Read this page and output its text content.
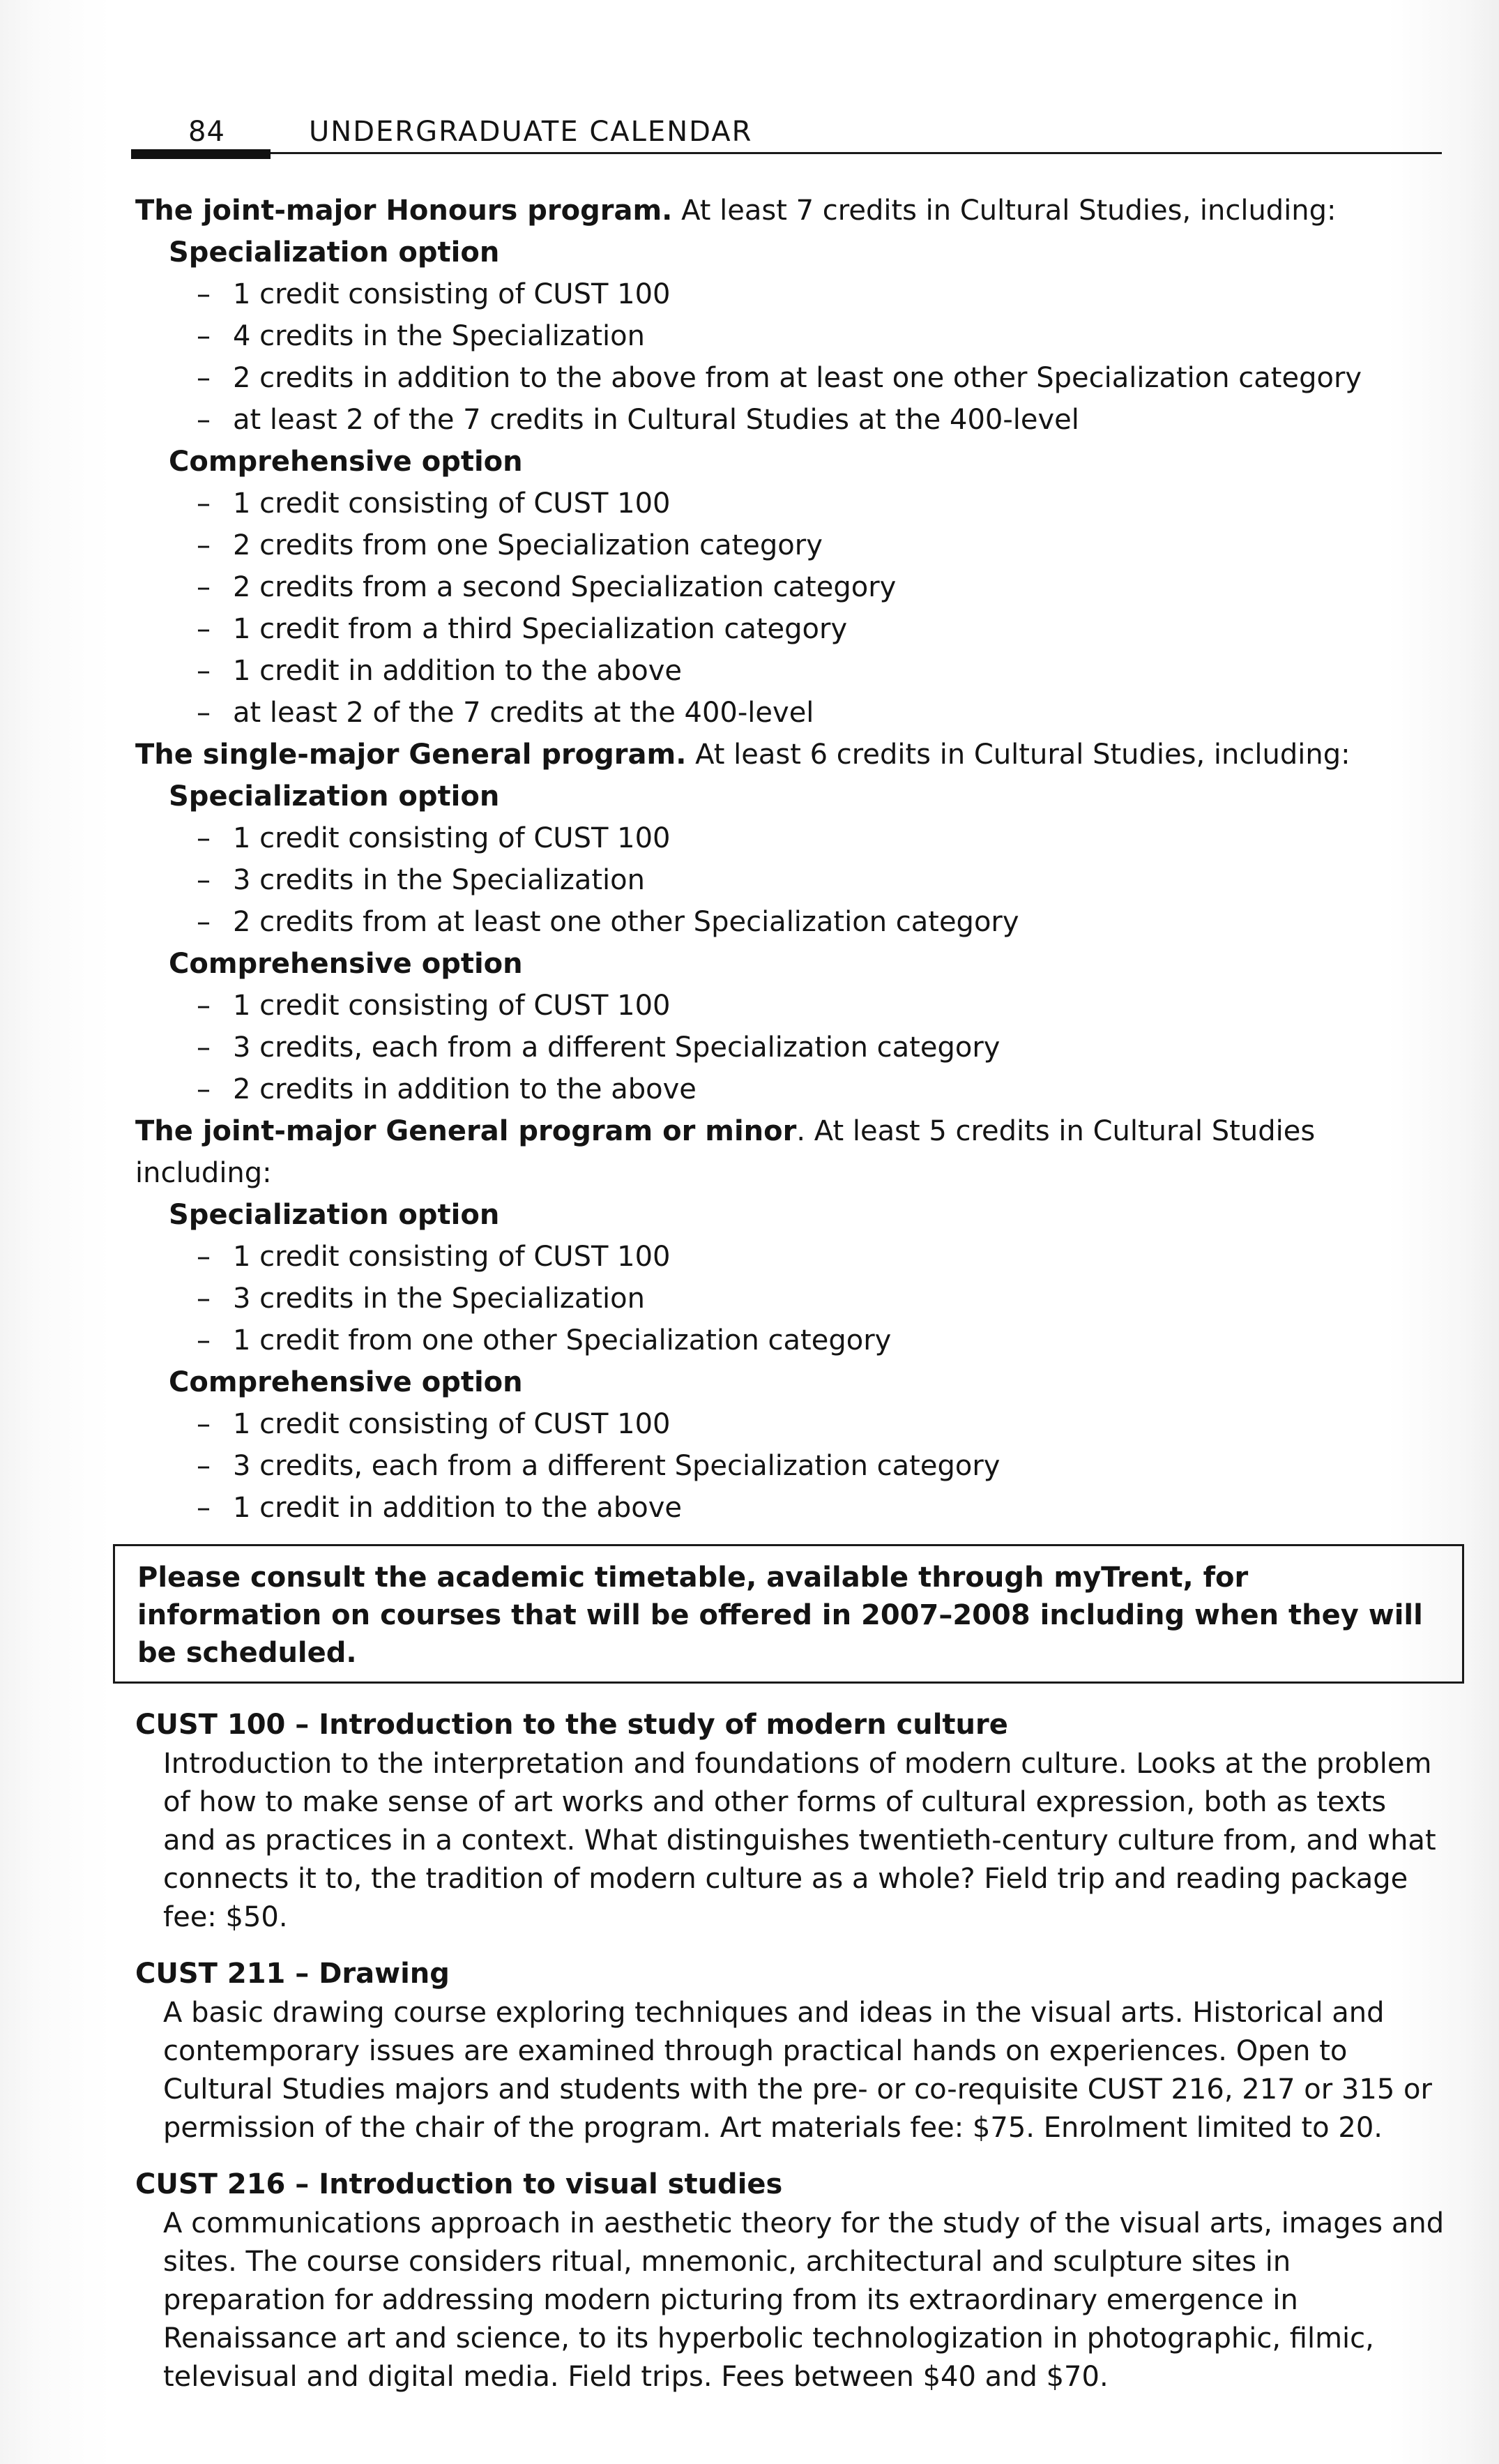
84	UNDERGRADUATE CALENDAR

The joint-major Honours program. At least 7 credits in Cultural Studies, including:

Specialization option

– 1 credit consisting of CUST 100
– 4 credits in the Specialization
– 2 credits in addition to the above from at least one other Specialization category
– at least 2 of the 7 credits in Cultural Studies at the 400-level

Comprehensive option

– 1 credit consisting of CUST 100
– 2 credits from one Specialization category
– 2 credits from a second Specialization category
– 1 credit from a third Specialization category
– 1 credit in addition to the above
– at least 2 of the 7 credits at the 400-level

The single-major General program. At least 6 credits in Cultural Studies, including:

Specialization option

– 1 credit consisting of CUST 100
– 3 credits in the Specialization
– 2 credits from at least one other Specialization category

Comprehensive option

– 1 credit consisting of CUST 100
– 3 credits, each from a different Specialization category
– 2 credits in addition to the above

The joint-major General program or minor. At least 5 credits in Cultural Studies including:

Specialization option

– 1 credit consisting of CUST 100
– 3 credits in the Specialization
– 1 credit from one other Specialization category

Comprehensive option

– 1 credit consisting of CUST 100
– 3 credits, each from a different Specialization category
– 1 credit in addition to the above
Please consult the academic timetable, available through myTrent, for information on courses that will be offered in 2007–2008 including when they will be scheduled.

CUST 100 – Introduction to the study of modern culture

Introduction to the interpretation and foundations of modern culture. Looks at the problem of how to make sense of art works and other forms of cultural expression, both as texts and as practices in a context. What distinguishes twentieth-century culture from, and what connects it to, the tradition of modern culture as a whole? Field trip and reading package fee: $50.

CUST 211 – Drawing

A basic drawing course exploring techniques and ideas in the visual arts. Historical and contemporary issues are examined through practical hands on experiences. Open to Cultural Studies majors and students with the pre- or co-requisite CUST 216, 217 or 315 or permission of the chair of the program. Art materials fee: $75. Enrolment limited to 20.

CUST 216 – Introduction to visual studies

A communications approach in aesthetic theory for the study of the visual arts, images and sites. The course considers ritual, mnemonic, architectural and sculpture sites in preparation for addressing modern picturing from its extraordinary emergence in Renaissance art and science, to its hyperbolic technologization in photographic, filmic, televisual and digital media. Field trips. Fees between $40 and $70.
